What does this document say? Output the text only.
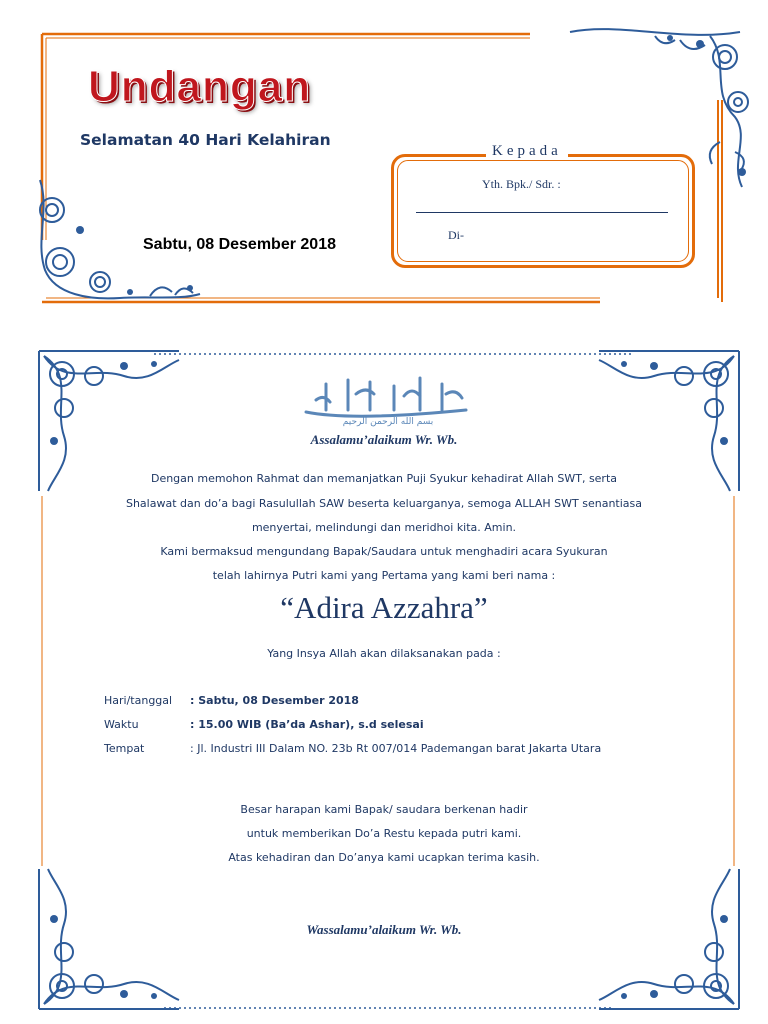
Undangan
Selamatan 40 Hari Kelahiran
Sabtu, 08 Desember 2018
Kepada
Yth. Bpk./ Sdr. :
Di-
بسم الله الرحمن الرحيم
Assalamu’alaikum Wr. Wb.
Dengan memohon Rahmat dan memanjatkan Puji Syukur kehadirat Allah SWT, serta
Shalawat dan do’a bagi Rasulullah SAW beserta keluarganya, semoga ALLAH SWT senantiasa
menyertai, melindungi dan meridhoi kita. Amin.
Kami bermaksud mengundang Bapak/Saudara untuk menghadiri acara Syukuran
telah lahirnya Putri kami yang Pertama yang kami beri nama :
“Adira Azzahra”
Yang Insya Allah akan dilaksanakan pada :
Hari/tanggal : Sabtu, 08 Desember 2018
Waktu	: 15.00 WIB (Ba’da Ashar), s.d selesai
Tempat	: Jl. Industri III Dalam NO. 23b Rt 007/014 Pademangan barat Jakarta Utara
Besar harapan kami Bapak/ saudara berkenan hadir
untuk memberikan Do’a Restu kepada putri kami.
Atas kehadiran dan Do’anya kami ucapkan terima kasih.
Wassalamu’alaikum Wr. Wb.
